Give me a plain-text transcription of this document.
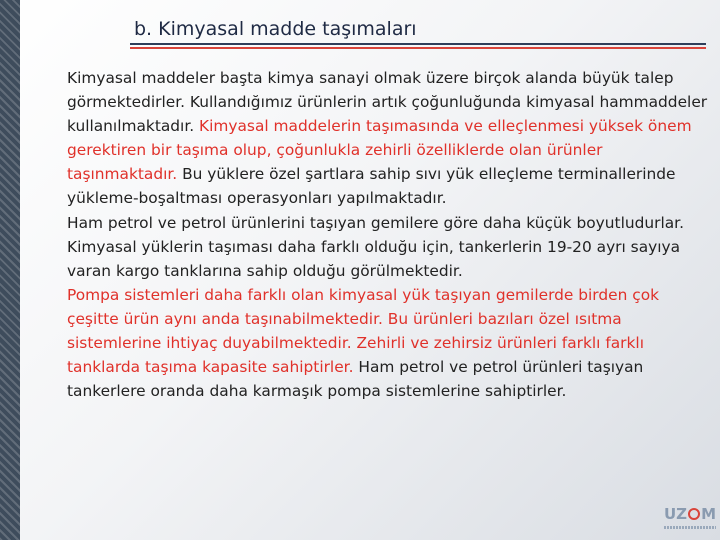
b. Kimyasal madde taşımaları

Kimyasal maddeler başta kimya sanayi olmak üzere birçok alanda büyük talep görmektedirler. Kullandığımız ürünlerin artık çoğunluğunda kimyasal hammaddeler kullanılmaktadır. Kimyasal maddelerin taşımasında ve elleçlenmesi yüksek önem gerektiren bir taşıma olup, çoğunlukla zehirli özelliklerde olan ürünler taşınmaktadır. Bu yüklere özel şartlara sahip sıvı yük elleçleme terminallerinde yükleme-boşaltması operasyonları yapılmaktadır.
Ham petrol ve petrol ürünlerini taşıyan gemilere göre daha küçük boyutludurlar. Kimyasal yüklerin taşıması daha farklı olduğu için, tankerlerin 19-20 ayrı sayıya varan kargo tanklarına sahip olduğu görülmektedir.
Pompa sistemleri daha farklı olan kimyasal yük taşıyan gemilerde birden çok çeşitte ürün aynı anda taşınabilmektedir. Bu ürünleri bazıları özel ısıtma sistemlerine ihtiyaç duyabilmektedir. Zehirli ve zehirsiz ürünleri farklı farklı tanklarda taşıma kapasite sahiptirler. Ham petrol ve petrol ürünleri taşıyan tankerlere oranda daha karmaşık pompa sistemlerine sahiptirler.

UZ M
